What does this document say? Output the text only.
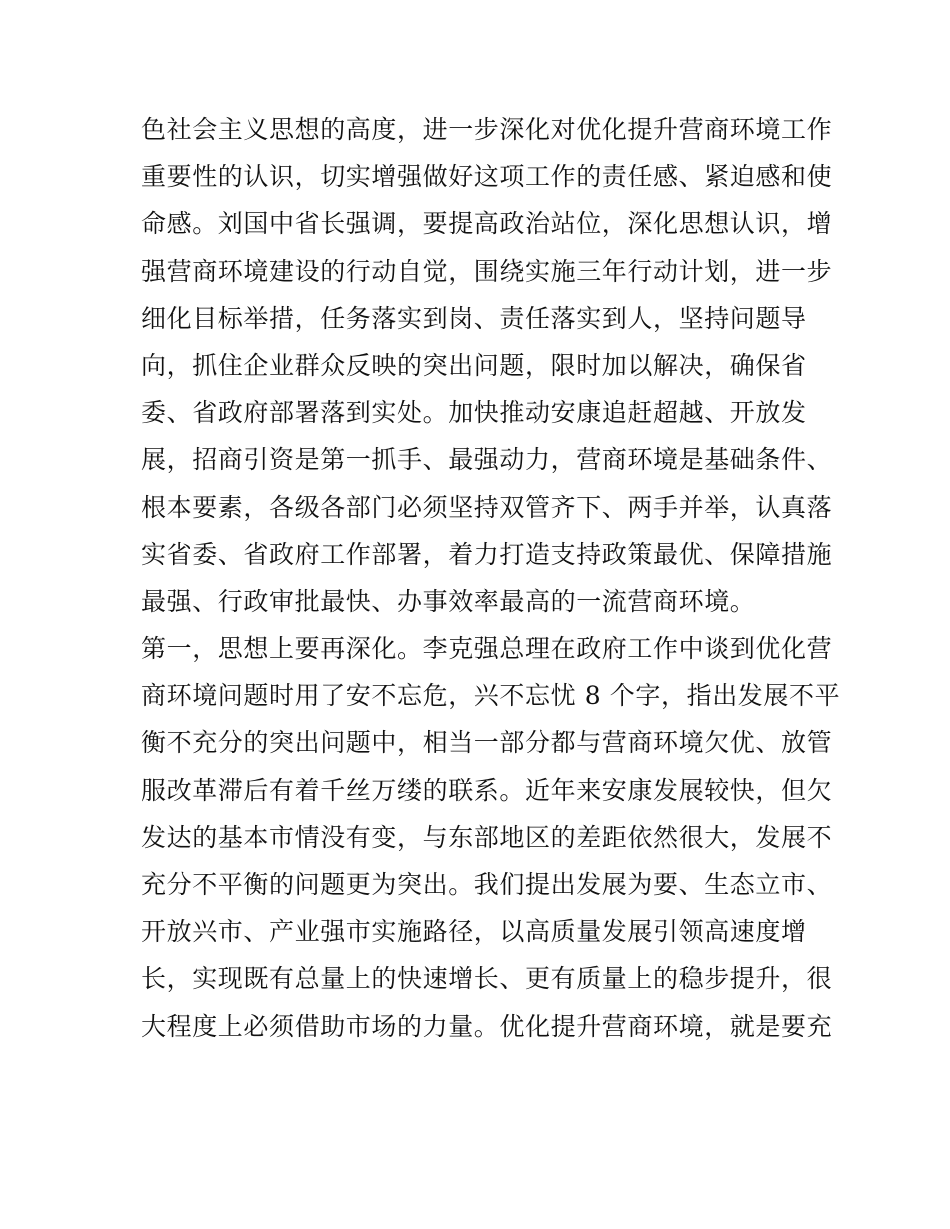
色社会主义思想的高度，进一步深化对优化提升营商环境工作
重要性的认识，切实增强做好这项工作的责任感、紧迫感和使
命感。刘国中省长强调，要提高政治站位，深化思想认识，增
强营商环境建设的行动自觉，围绕实施三年行动计划，进一步
细化目标举措，任务落实到岗、责任落实到人，坚持问题导
向，抓住企业群众反映的突出问题，限时加以解决，确保省
委、省政府部署落到实处。加快推动安康追赶超越、开放发
展，招商引资是第一抓手、最强动力，营商环境是基础条件、
根本要素，各级各部门必须坚持双管齐下、两手并举，认真落
实省委、省政府工作部署，着力打造支持政策最优、保障措施
最强、行政审批最快、办事效率最高的一流营商环境。
第一，思想上要再深化。李克强总理在政府工作中谈到优化营
商环境问题时用了安不忘危，兴不忘忧 8 个字，指出发展不平
衡不充分的突出问题中，相当一部分都与营商环境欠优、放管
服改革滞后有着千丝万缕的联系。近年来安康发展较快，但欠
发达的基本市情没有变，与东部地区的差距依然很大，发展不
充分不平衡的问题更为突出。我们提出发展为要、生态立市、
开放兴市、产业强市实施路径，以高质量发展引领高速度增
长，实现既有总量上的快速增长、更有质量上的稳步提升，很
大程度上必须借助市场的力量。优化提升营商环境，就是要充
